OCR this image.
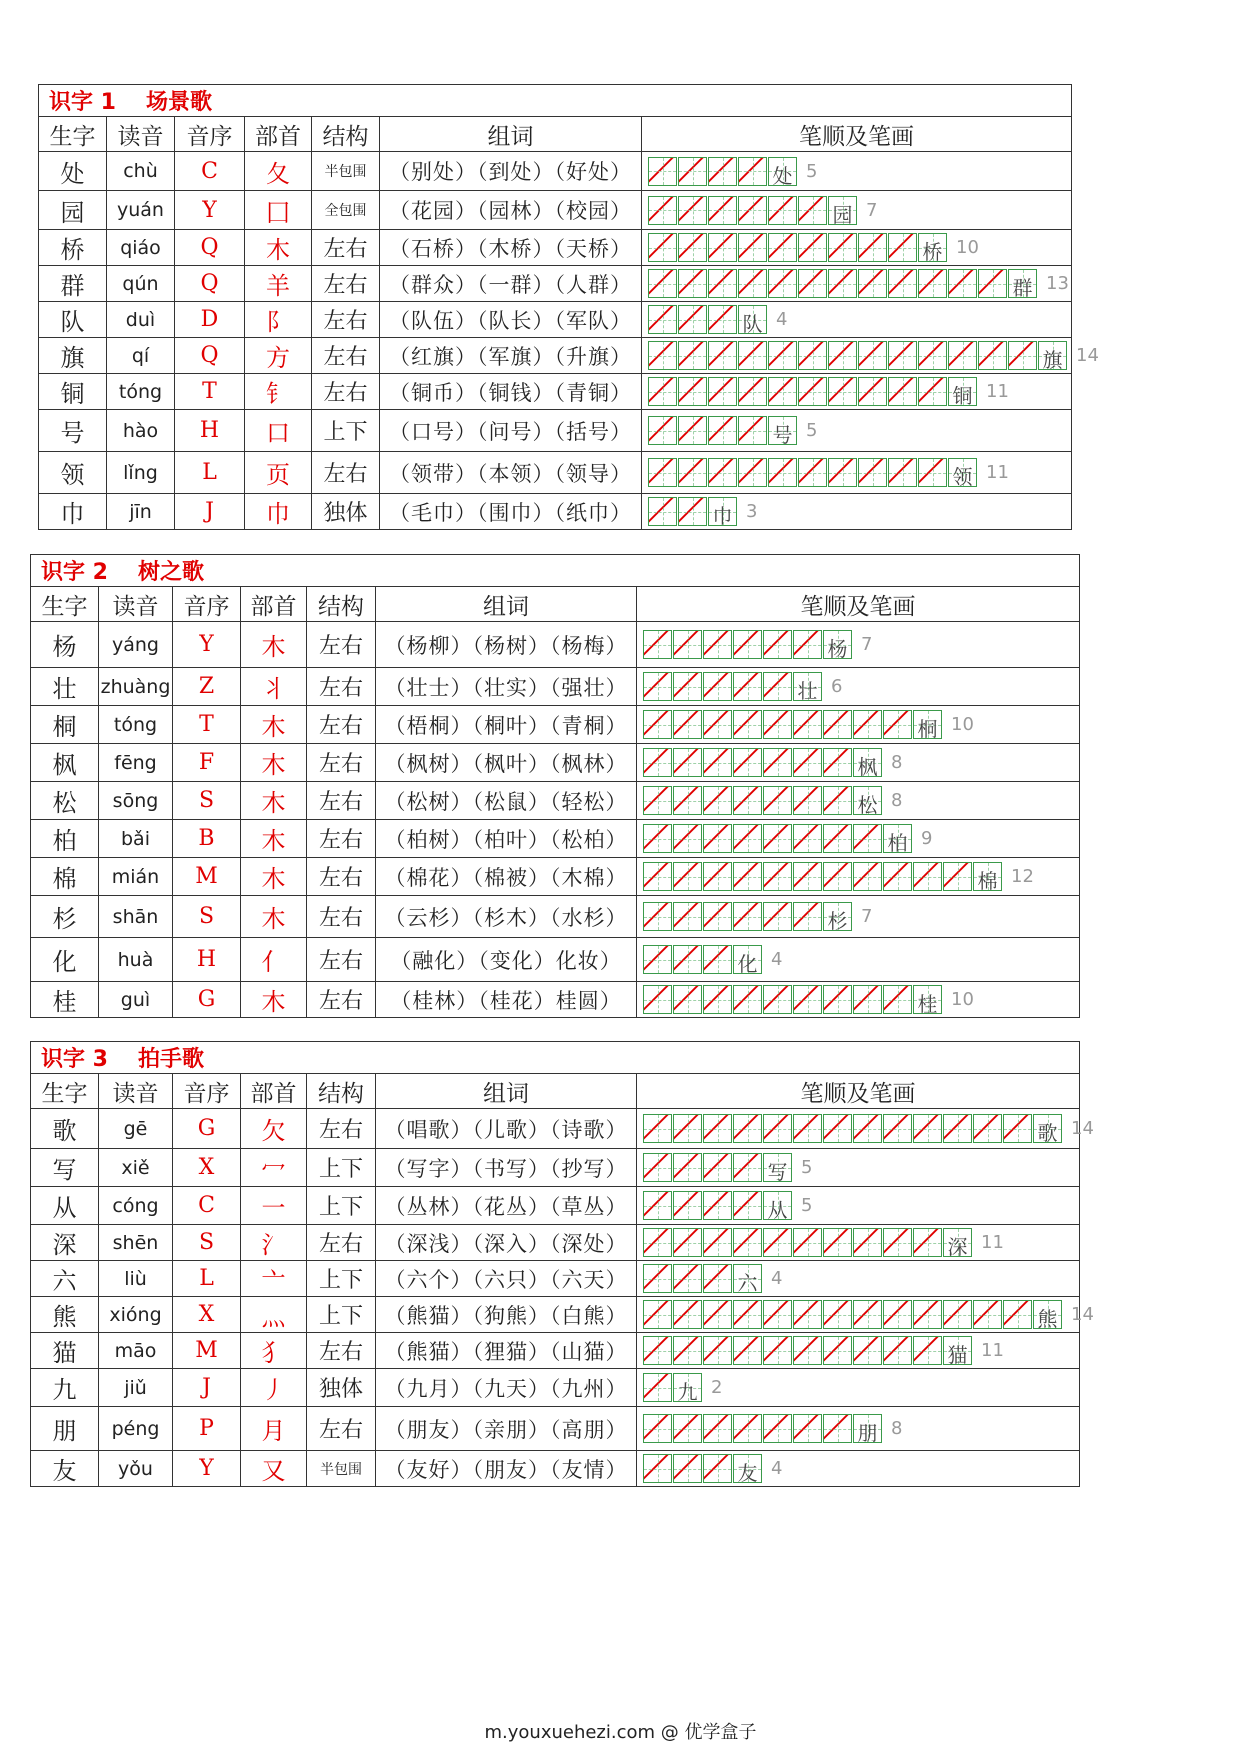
识字 1 场景歌						
生字	读音	音序	部首	结构	组词	笔顺及笔画
处	chù	C	夂	半包围	（别处）（到处）（好处）	处 5
园	yuán	Y	囗	全包围	（花园）（园林）（校园）	园 7
桥	qiáo	Q	木	左右	（石桥）（木桥）（天桥）	桥 10
群	qún	Q	羊	左右	（群众）（一群）（人群）	群 13
队	duì	D	阝	左右	（队伍）（队长）（军队）	队 4
旗	qí	Q	方	左右	（红旗）（军旗）（升旗）	旗 14
铜	tóng	T	钅	左右	（铜币）（铜钱）（青铜）	铜 11
号	hào	H	口	上下	（口号）（问号）（括号）	号 5
领	lǐng	L	页	左右	（领带）（本领）（领导）	领 11
巾	jīn	J	巾	独体	（毛巾）（围巾）（纸巾）	巾 3
识字 2 树之歌						
生字	读音	音序	部首	结构	组词	笔顺及笔画
杨	yáng	Y	木	左右	（杨柳）（杨树）（杨梅）	杨 7
壮	zhuàng	Z	丬	左右	（壮士）（壮实）（强壮）	壮 6
桐	tóng	T	木	左右	（梧桐）（桐叶）（青桐）	桐 10
枫	fēng	F	木	左右	（枫树）（枫叶）（枫林）	枫 8
松	sōng	S	木	左右	（松树）（松鼠）（轻松）	松 8
柏	bǎi	B	木	左右	（柏树）（柏叶）（松柏）	柏 9
棉	mián	M	木	左右	（棉花）（棉被）（木棉）	棉 12
杉	shān	S	木	左右	（云杉）（杉木）（水杉）	杉 7
化	huà	H	亻	左右	（融化）（变化）化妆）	化 4
桂	guì	G	木	左右	（桂林）（桂花）桂圆）	桂 10
识字 3 拍手歌						
生字	读音	音序	部首	结构	组词	笔顺及笔画
歌	gē	G	欠	左右	（唱歌）（儿歌）（诗歌）	歌 14
写	xiě	X	冖	上下	（写字）（书写）（抄写）	写 5
从	cóng	C	一	上下	（丛林）（花丛）（草丛）	从 5
深	shēn	S	氵	左右	（深浅）（深入）（深处）	深 11
六	liù	L	亠	上下	（六个）（六只）（六天）	六 4
熊	xióng	X	灬	上下	（熊猫）（狗熊）（白熊）	熊 14
猫	māo	M	犭	左右	（熊猫）（狸猫）（山猫）	猫 11
九	jiǔ	J	丿	独体	（九月）（九天）（九州）	九 2
朋	péng	P	月	左右	（朋友）（亲朋）（高朋）	朋 8
友	yǒu	Y	又	半包围	（友好）（朋友）（友情）	友 4
m.youxuehezi.com @ 优学盒子
